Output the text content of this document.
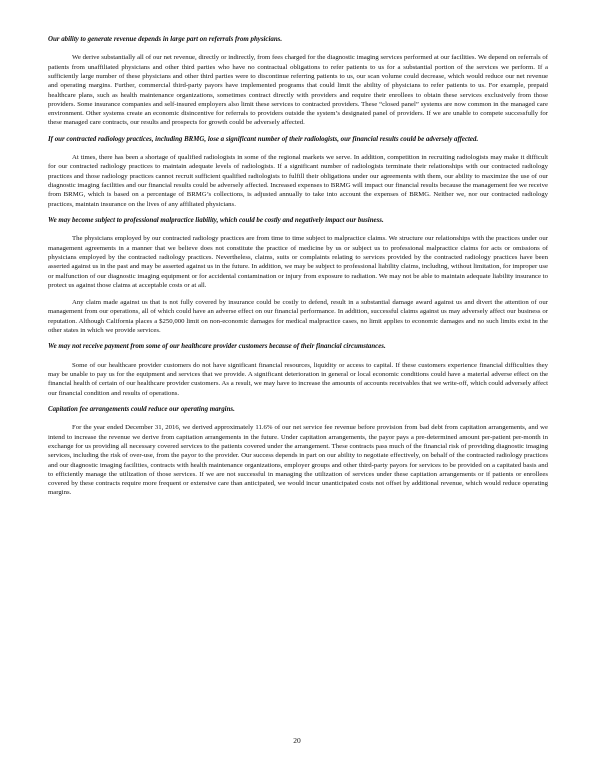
Our ability to generate revenue depends in large part on referrals from physicians.

We derive substantially all of our net revenue, directly or indirectly, from fees charged for the diagnostic imaging services performed at our facilities. We depend on referrals of patients from unaffiliated physicians and other third parties who have no contractual obligations to refer patients to us for a substantial portion of the services we perform. If a sufficiently large number of these physicians and other third parties were to discontinue referring patients to us, our scan volume could decrease, which would reduce our net revenue and operating margins. Further, commercial third-party payors have implemented programs that could limit the ability of physicians to refer patients to us. For example, prepaid healthcare plans, such as health maintenance organizations, sometimes contract directly with providers and require their enrollees to obtain these services exclusively from those providers. Some insurance companies and self-insured employers also limit these services to contracted providers. These “closed panel” systems are now common in the managed care environment. Other systems create an economic disincentive for referrals to providers outside the system’s designated panel of providers. If we are unable to compete successfully for these managed care contracts, our results and prospects for growth could be adversely affected.

If our contracted radiology practices, including BRMG, lose a significant number of their radiologists, our financial results could be adversely affected.

At times, there has been a shortage of qualified radiologists in some of the regional markets we serve. In addition, competition in recruiting radiologists may make it difficult for our contracted radiology practices to maintain adequate levels of radiologists. If a significant number of radiologists terminate their relationships with our contracted radiology practices and those radiology practices cannot recruit sufficient qualified radiologists to fulfill their obligations under our agreements with them, our ability to maximize the use of our diagnostic imaging facilities and our financial results could be adversely affected. Increased expenses to BRMG will impact our financial results because the management fee we receive from BRMG, which is based on a percentage of BRMG’s collections, is adjusted annually to take into account the expenses of BRMG. Neither we, nor our contracted radiology practices, maintain insurance on the lives of any affiliated physicians.

We may become subject to professional malpractice liability, which could be costly and negatively impact our business.

The physicians employed by our contracted radiology practices are from time to time subject to malpractice claims. We structure our relationships with the practices under our management agreements in a manner that we believe does not constitute the practice of medicine by us or subject us to professional malpractice claims for acts or omissions of physicians employed by the contracted radiology practices. Nevertheless, claims, suits or complaints relating to services provided by the contracted radiology practices have been asserted against us in the past and may be asserted against us in the future. In addition, we may be subject to professional liability claims, including, without limitation, for improper use or malfunction of our diagnostic imaging equipment or for accidental contamination or injury from exposure to radiation. We may not be able to maintain adequate liability insurance to protect us against those claims at acceptable costs or at all.

Any claim made against us that is not fully covered by insurance could be costly to defend, result in a substantial damage award against us and divert the attention of our management from our operations, all of which could have an adverse effect on our financial performance. In addition, successful claims against us may adversely affect our business or reputation. Although California places a $250,000 limit on non-economic damages for medical malpractice cases, no limit applies to economic damages and no such limits exist in the other states in which we provide services.

We may not receive payment from some of our healthcare provider customers because of their financial circumstances.

Some of our healthcare provider customers do not have significant financial resources, liquidity or access to capital. If these customers experience financial difficulties they may be unable to pay us for the equipment and services that we provide. A significant deterioration in general or local economic conditions could have a material adverse effect on the financial health of certain of our healthcare provider customers. As a result, we may have to increase the amounts of accounts receivables that we write-off, which could adversely affect our financial condition and results of operations.

Capitation fee arrangements could reduce our operating margins.

For the year ended December 31, 2016, we derived approximately 11.6% of our net service fee revenue before provision from bad debt from capitation arrangements, and we intend to increase the revenue we derive from capitation arrangements in the future. Under capitation arrangements, the payor pays a pre-determined amount per-patient per-month in exchange for us providing all necessary covered services to the patients covered under the arrangement. These contracts pass much of the financial risk of providing diagnostic imaging services, including the risk of over-use, from the payor to the provider. Our success depends in part on our ability to negotiate effectively, on behalf of the contracted radiology practices and our diagnostic imaging facilities, contracts with health maintenance organizations, employer groups and other third-party payors for services to be provided on a capitated basis and to efficiently manage the utilization of those services. If we are not successful in managing the utilization of services under these capitation arrangements or if patients or enrollees covered by these contracts require more frequent or extensive care than anticipated, we would incur unanticipated costs not offset by additional revenue, which would reduce operating margins.

20
